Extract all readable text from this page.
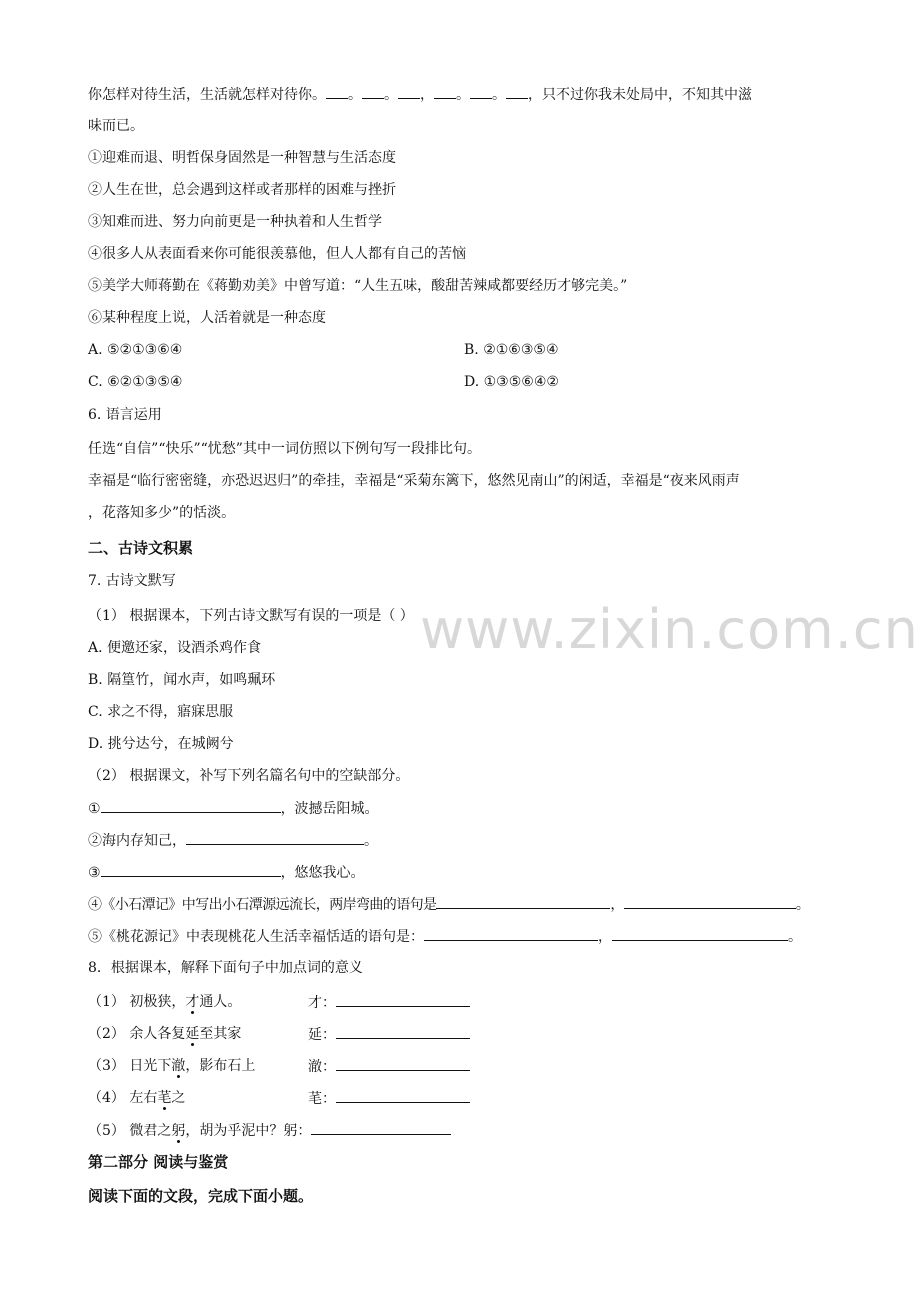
www.zixin.com.cn
你怎样对待生活，生活就怎样对待你。 。 。 ， 。 。 ，只不过你我未处局中，不知其中滋
味而已。
①迎难而退、明哲保身固然是一种智慧与生活态度
②人生在世，总会遇到这样或者那样的困难与挫折
③知难而进、努力向前更是一种执着和人生哲学
④很多人从表面看来你可能很羡慕他，但人人都有自己的苦恼
⑤美学大师蒋勤在《蒋勤劝美》中曾写道：“人生五味，酸甜苦辣咸都要经历才够完美。”
⑥某种程度上说，人活着就是一种态度
A. ⑤②①③⑥④	B. ②①⑥③⑤④
C. ⑥②①③⑤④	D. ①③⑤⑥④②
6. 语言运用
任选“自信”“快乐”“忧愁”其中一词仿照以下例句写一段排比句。
幸福是“临行密密缝，亦恐迟迟归”的牵挂，幸福是“采菊东篱下，悠然见南山”的闲适，幸福是“夜来风雨声
，花落知多少”的恬淡。
二、古诗文积累
7. 古诗文默写
（1） 根据课本，下列古诗文默写有误的一项是（ ）
A. 便邀还家，设酒杀鸡作食
B. 隔篁竹，闻水声，如鸣珮环
C. 求之不得，寤寐思服
D. 挑兮达兮，在城阙兮
（2） 根据课文，补写下列名篇名句中的空缺部分。
①	，波撼岳阳城。
②海内存知己，	。
③	，悠悠我心。
④《小石潭记》中写出小石潭源远流长，两岸弯曲的语句是	，	。
⑤《桃花源记》中表现桃花人生活幸福恬适的语句是：	，	。
8．根据课本，解释下面句子中加点词的意义
（1） 初极狭，才通人。	才：
（2） 余人各复延至其家	延：
（3） 日光下澈，影布石上	澈：
（4） 左右芼之	芼：
（5） 微君之躬，胡为乎泥中？躬：
第二部分 阅读与鉴赏
阅读下面的文段，完成下面小题。
